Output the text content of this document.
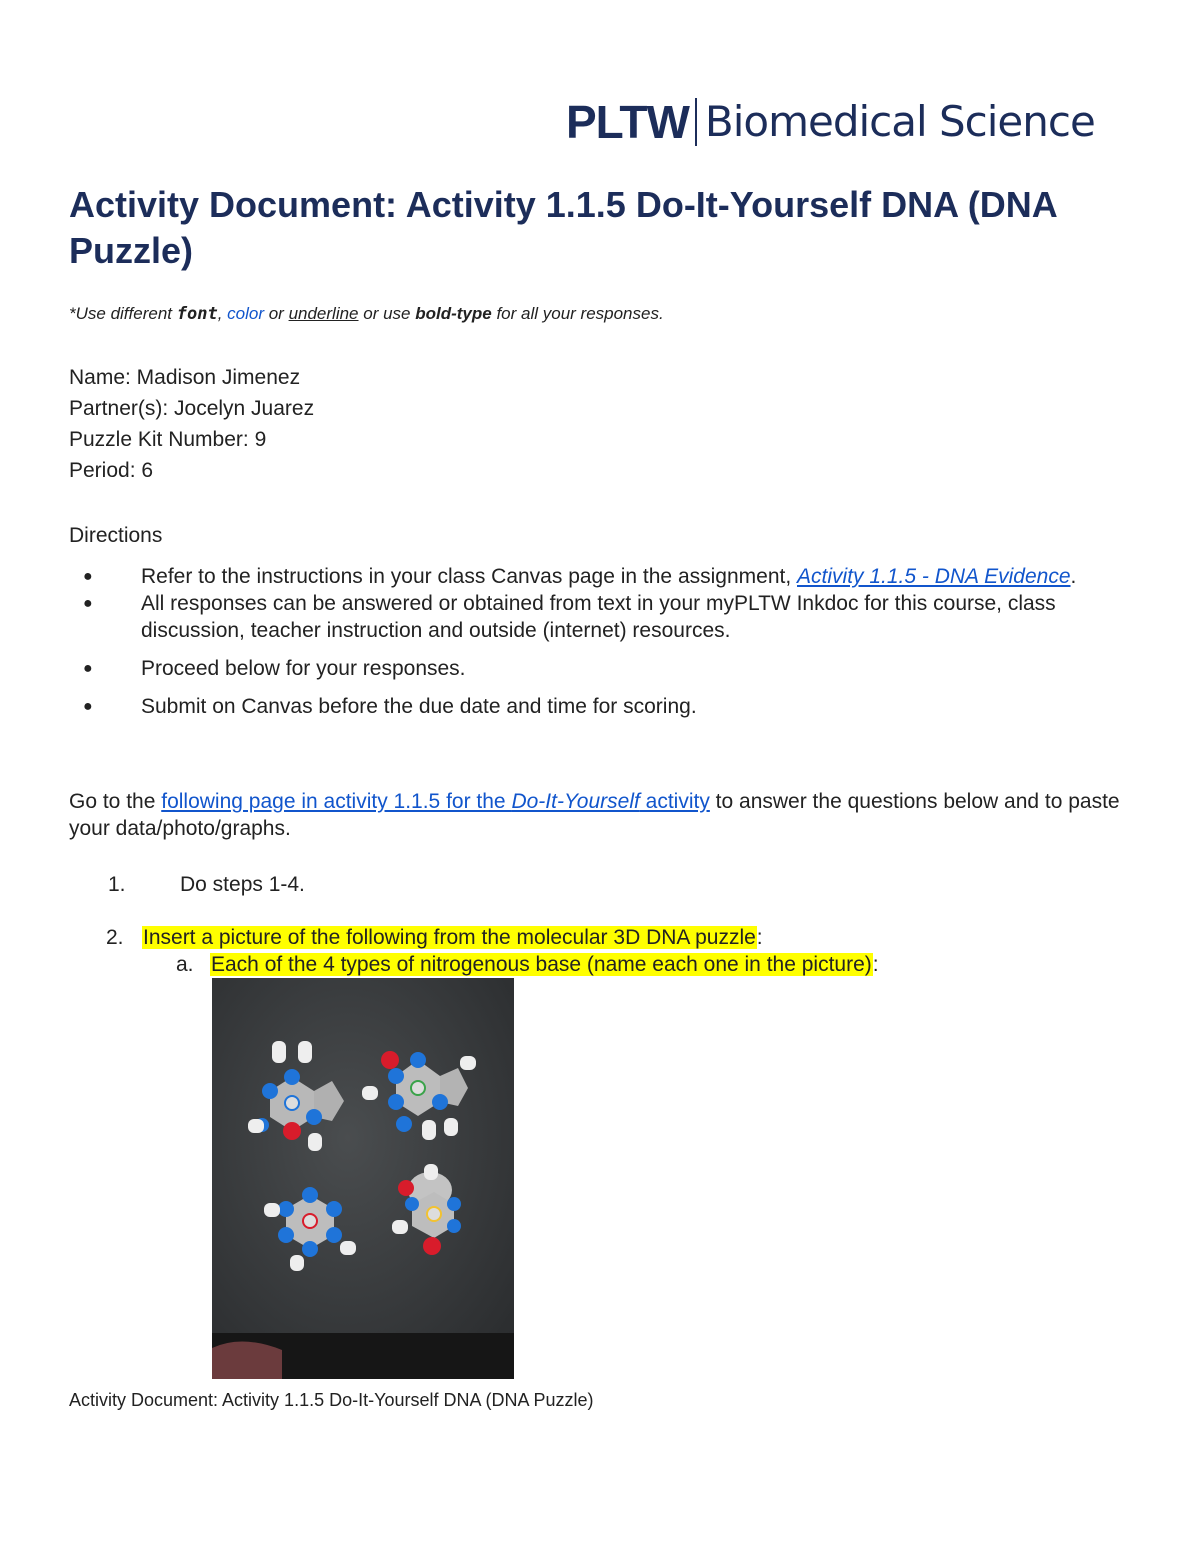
PLTW Biomedical Science
Activity Document: Activity 1.1.5 Do-It-Yourself DNA (DNA Puzzle)
*Use different font, color or underline or use bold-type for all your responses.
Name: Madison Jimenez
Partner(s): Jocelyn Juarez
Puzzle Kit Number: 9
Period: 6
Directions
● Refer to the instructions in your class Canvas page in the assignment, Activity 1.1.5 - DNA Evidence.
● All responses can be answered or obtained from text in your myPLTW Inkdoc for this course, class discussion, teacher instruction and outside (internet) resources.
● Proceed below for your responses.
● Submit on Canvas before the due date and time for scoring.
Go to the following page in activity 1.1.5 for the Do-It-Yourself activity to answer the questions below and to paste your data/photo/graphs.
1.	Do steps 1-4.
2. Insert a picture of the following from the molecular 3D DNA puzzle:
a. Each of the 4 types of nitrogenous base (name each one in the picture):
Activity Document: Activity 1.1.5 Do-It-Yourself DNA (DNA Puzzle)
